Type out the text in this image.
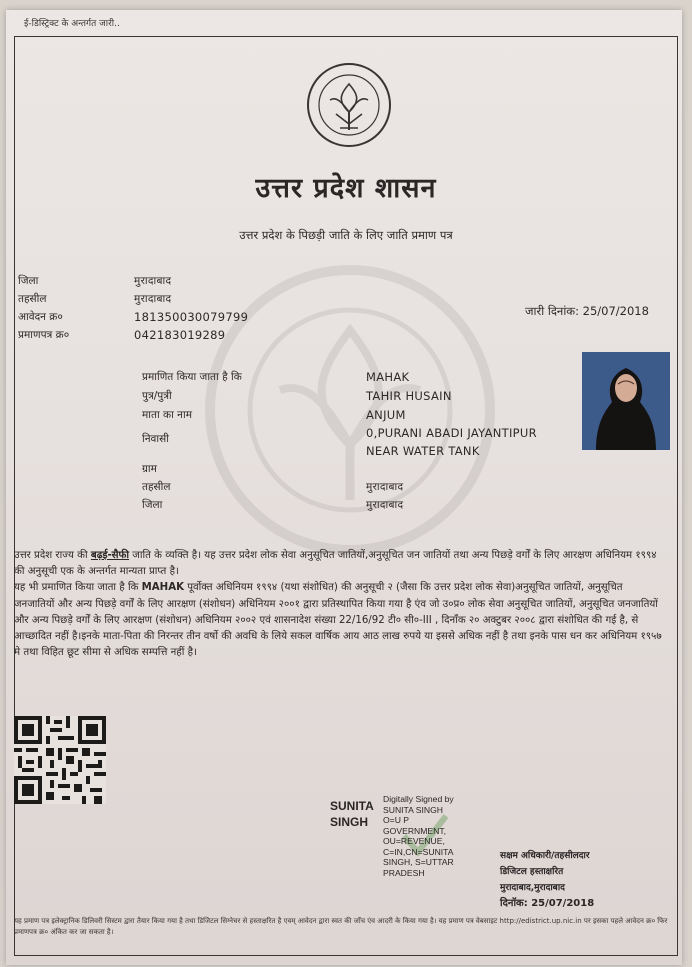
ई-डिस्ट्रिक्ट के अन्तर्गत जारी..
उत्तर प्रदेश शासन
उत्तर प्रदेश के पिछड़ी जाति के लिए जाति प्रमाण पत्र
जिला	मुरादाबाद
तहसील	मुरादाबाद
आवेदन क्र०	181350030079799
प्रमाणपत्र क्र०	042183019289
जारी दिनांक: 25/07/2018
प्रमाणित किया जाता है कि	MAHAK
पुत्र/पुत्री	TAHIR HUSAIN
माता का नाम	ANJUM
निवासी	0,PURANI ABADI JAYANTIPUR
NEAR WATER TANK
ग्राम
तहसील	मुरादाबाद
जिला	मुरादाबाद

उत्तर प्रदेश राज्य की बढ़ई-सैफी जाति के व्यक्ति है। यह उत्तर प्रदेश लोक सेवा अनुसूचित जातियों,अनुसूचित जन जातियों तथा अन्य पिछड़े वर्गों के लिए आरक्षण अधिनियम १९९४ की अनुसूची एक के अन्तर्गत मान्यता प्राप्त है।

यह भी प्रमाणित किया जाता है कि MAHAK पूर्वोक्त अधिनियम १९९४ (यथा संशोधित) की अनुसूची २ (जैसा कि उत्तर प्रदेश लोक सेवा)अनुसूचित जातियों, अनुसूचित जनजातियों और अन्य पिछड़े वर्गों के लिए आरक्षण (संशोधन) अधिनियम २००१ द्वारा प्रतिस्थापित किया गया है एंव जो उ०प्र० लोक सेवा अनुसूचित जातियों, अनुसूचित जनजातियों और अन्य पिछड़े वर्गों के लिए आरक्षण (संशोधन) अधिनियम २००२ एवं शासनादेश संख्या 22/16/92 टी० सी०-III , दिनाँक २० अक्टुबर २००८ द्वारा संशोधित की गई है, से आच्छादित नहीं है।इनके माता-पिता की निरन्तर तीन वर्षो की अवधि के लिये सकल वार्षिक आय आठ लाख रुपये या इससे अधिक नहीं है तथा इनके पास धन कर अधिनियम १९५७ मे तथा विहित छूट सीमा से अधिक सम्पत्ति नहीं है।

SUNITA
SINGH
Digitally Signed by
SUNITA SINGH
O=U P
GOVERNMENT,
OU=REVENUE,
C=IN,CN=SUNITA
SINGH, S=UTTAR
PRADESH
सक्षम अधिकारी/तहसीलदार
डिजिटल हस्ताक्षरित
मुरादाबाद,मुरादाबाद
दिनॉक: 25/07/2018
यह प्रमाण पत्र इलेक्ट्रानिक डिलिवरी सिस्टम द्वारा तैयार किया गया है तथा डिजिटल सिग्नेचर से हस्ताक्षरित है एवम् आवेदन द्वारा स्वत की जाँच एंव आदरी के किया गया है। यह प्रमाण पत्र वेबसाइट http://edistrict.up.nic.in पर इसका पहले आवेदन क्र० फिर प्रमाणपत्र क्र० अंकित कर जा सकता है।
